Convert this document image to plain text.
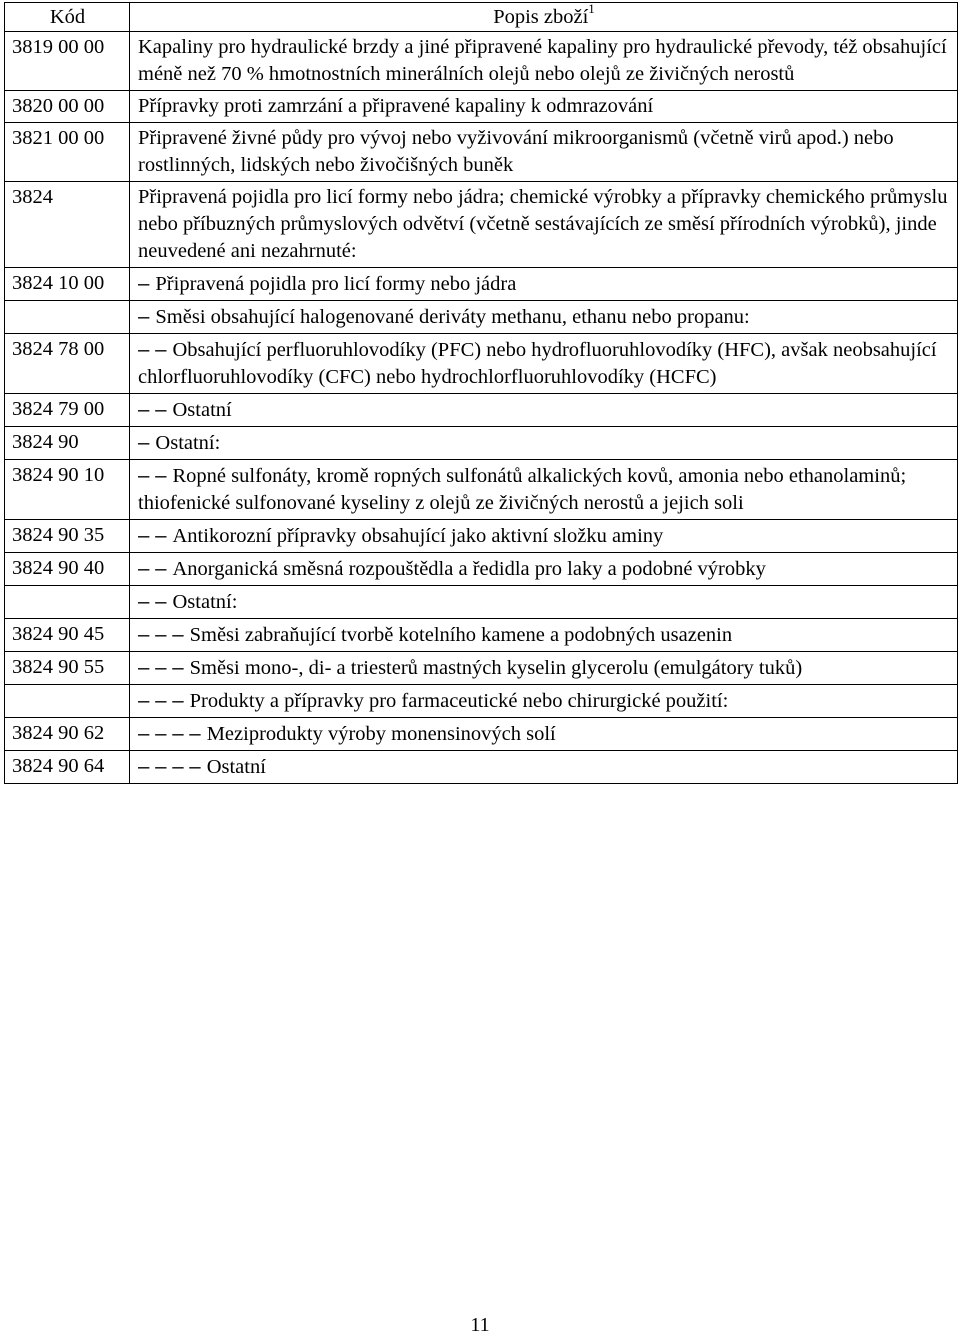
Kód	Popis zboží$^1$
3819 00 00	Kapaliny pro hydraulické brzdy a jiné připravené kapaliny pro hydraulické převody, též obsahující méně než 70 % hmotnostních minerálních olejů nebo olejů ze živičných nerostů
3820 00 00	Přípravky proti zamrzání a připravené kapaliny k odmrazování
3821 00 00	Připravené živné půdy pro vývoj nebo vyživování mikroorganismů (včetně virů apod.) nebo rostlinných, lidských nebo živočišných buněk
3824	Připravená pojidla pro licí formy nebo jádra; chemické výrobky a přípravky chemického průmyslu nebo příbuzných průmyslových odvětví (včetně sestávajících ze směsí přírodních výrobků), jinde neuvedené ani nezahrnuté:
3824 10 00	– Připravená pojidla pro licí formy nebo jádra
	– Směsi obsahující halogenované deriváty methanu, ethanu nebo propanu:
3824 78 00	– – Obsahující perfluoruhlovodíky (PFC) nebo hydrofluoruhlovodíky (HFC), avšak neobsahující chlorfluoruhlovodíky (CFC) nebo hydrochlorfluoruhlovodíky (HCFC)
3824 79 00	– – Ostatní
3824 90	– Ostatní:
3824 90 10	– – Ropné sulfonáty, kromě ropných sulfonátů alkalických kovů, amonia nebo ethanolaminů; thiofenické sulfonované kyseliny z olejů ze živičných nerostů a jejich soli
3824 90 35	– – Antikorozní přípravky obsahující jako aktivní složku aminy
3824 90 40	– – Anorganická směsná rozpouštědla a ředidla pro laky a podobné výrobky
	– – Ostatní:
3824 90 45	– – – Směsi zabraňující tvorbě kotelního kamene a podobných usazenin
3824 90 55	– – – Směsi mono-, di- a triesterů mastných kyselin glycerolu (emulgátory tuků)
	– – – Produkty a přípravky pro farmaceutické nebo chirurgické použití:
3824 90 62	– – – – Meziprodukty výroby monensinových solí
3824 90 64	– – – – Ostatní
11
